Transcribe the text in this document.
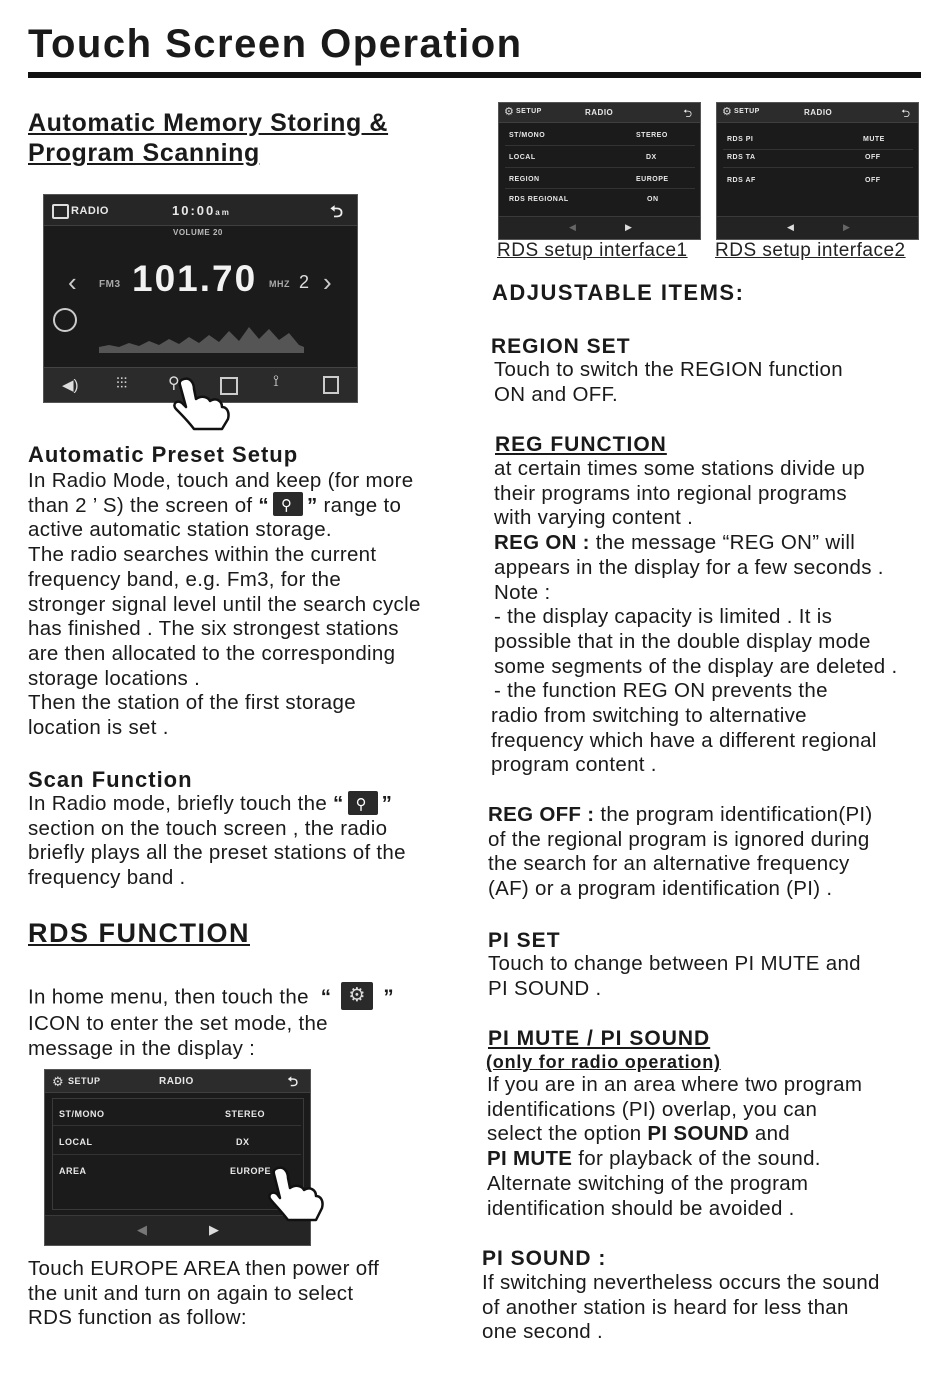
Touch Screen Operation
Automatic Memory Storing &
Program Scanning
RADIO	10:00am
VOLUME 20
⮌
‹ FM3 101.70 MHZ 2 ›
◀) ⫶⫶⫶	⚲	⟟
Automatic Preset Setup
In Radio Mode, touch and keep (for more
than 2 ’ S) the screen of “ ⚲ ” range to
active automatic station storage.
The radio searches within the current
frequency band, e.g. Fm3, for the
stronger signal level until the search cycle
has finished . The six strongest stations
are then allocated to the corresponding
storage locations .
Then the station of the first storage
location is set .
Scan Function
In Radio mode, briefly touch the “ ⚲ ”
section on the touch screen , the radio
briefly plays all the preset stations of the
frequency band .
RDS FUNCTION
In home menu, then touch the “ ⚙ ”
ICON to enter the set mode, the
message in the display :
⚙ SETUP	RADIO	⮌
ST/MONO	STEREO
LOCAL	DX
AREA	EUROPE
◀	▶
Touch EUROPE AREA then power off
the unit and turn on again to select
RDS function as follow:
⚙ SETUP	RADIO	⮌
ST/MONO	STEREO
LOCAL	DX
REGION	EUROPE
RDS REGIONAL	ON
◀	▶
RDS setup interface1
⚙ SETUP	RADIO	⮌
RDS PI	MUTE
RDS TA	OFF
RDS AF	OFF
◀	▶
RDS setup interface2
ADJUSTABLE ITEMS:
REGION SET
Touch to switch the REGION function
ON and OFF.
REG FUNCTION
at certain times some stations divide up
their programs into regional programs
with varying content .
REG ON : the message “REG ON” will
appears in the display for a few seconds .
Note :
- the display capacity is limited . It is
possible that in the double display mode
some segments of the display are deleted .
- the function REG ON prevents the
radio from switching to alternative
frequency which have a different regional
program content .
REG OFF : the program identification(PI)
of the regional program is ignored during
the search for an alternative frequency
(AF) or a program identification (PI) .
PI SET
Touch to change between PI MUTE and
PI SOUND .
PI MUTE / PI SOUND
(only for radio operation)
If you are in an area where two program
identifications (PI) overlap, you can
select the option PI SOUND and
PI MUTE for playback of the sound.
Alternate switching of the program
identification should be avoided .
PI SOUND :
If switching nevertheless occurs the sound
of another station is heard for less than
one second .
